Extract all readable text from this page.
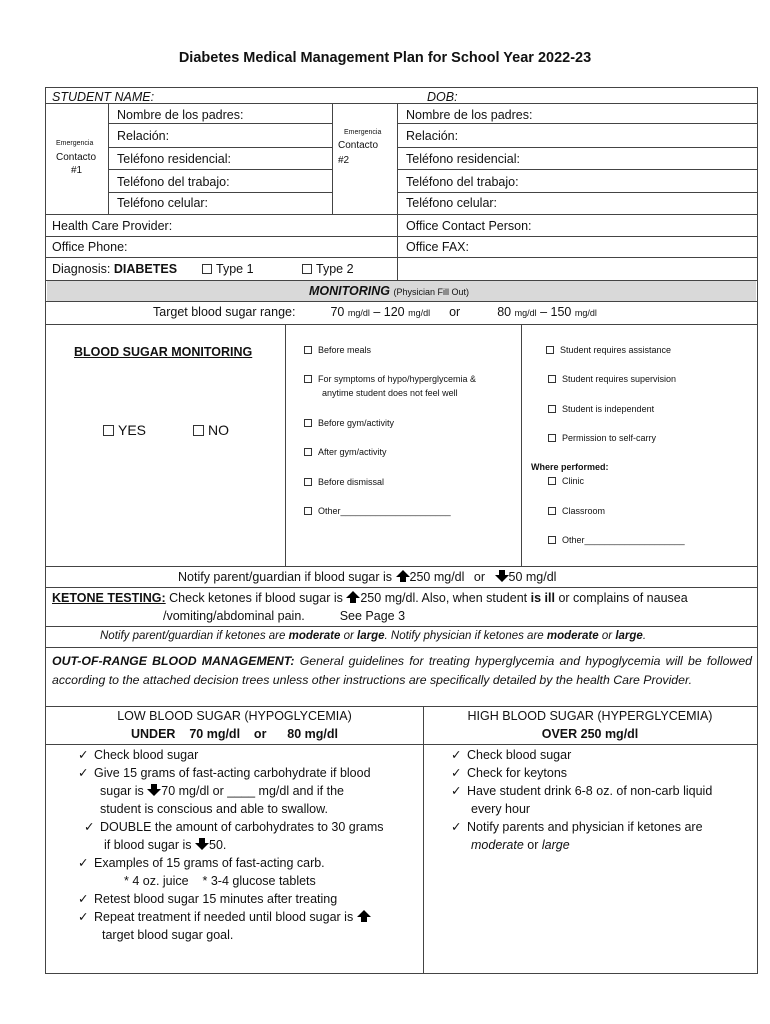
Diabetes Medical Management Plan for School Year 2022-23
STUDENT NAME:	DOB:
Emergencia
Contacto
#1
Nombre de los padres:
Relación:
Teléfono residencial:
Teléfono del trabajo:
Teléfono celular:
Emergencia
Contacto
#2
Nombre de los padres:
Relación:
Teléfono residencial:
Teléfono del trabajo:
Teléfono celular:
Health Care Provider:	Office Contact Person:
Office Phone:	Office FAX:
Diagnosis: DIABETES	Type 1	Type 2
MONITORING (Physician Fill Out)
Target blood sugar range:	70 mg/dl – 120 mg/dl or	80 mg/dl – 150 mg/dl
BLOOD SUGAR MONITORING
YES	NO
Before meals
For symptoms of hypo/hyperglycemia &
anytime student does not feel well
Before gym/activity
After gym/activity
Before dismissal
Other______________________
Student requires assistance
Student requires supervision
Student is independent
Permission to self-carry
Where performed:
Clinic
Classroom
Other____________________
Notify parent/guardian if blood sugar is 250 mg/dl or 50 mg/dl
KETONE TESTING: Check ketones if blood sugar is 250 mg/dl. Also, when student is ill or complains of nausea
/vomiting/abdominal pain.	See Page 3
Notify parent/guardian if ketones are moderate or large. Notify physician if ketones are moderate or large.
OUT-OF-RANGE BLOOD MANAGEMENT: General guidelines for treating hyperglycemia and hypoglycemia will be followed according to the attached decision trees unless other instructions are specifically detailed by the health Care Provider.
LOW BLOOD SUGAR (HYPOGLYCEMIA)
UNDER    70 mg/dl    or      80 mg/dl
HIGH BLOOD SUGAR (HYPERGLYCEMIA)
OVER 250 mg/dl
✓ Check blood sugar
✓ Give 15 grams of fast-acting carbohydrate if blood
sugar is 70 mg/dl or ____ mg/dl and if the
student is conscious and able to swallow.
✓ DOUBLE the amount of carbohydrates to 30 grams
if blood sugar is 50.
✓ Examples of 15 grams of fast-acting carb.
* 4 oz. juice    * 3-4 glucose tablets
✓ Retest blood sugar 15 minutes after treating
✓ Repeat treatment if needed until blood sugar is
target blood sugar goal.
✓ Check blood sugar
✓ Check for keytons
✓ Have student drink 6-8 oz. of non-carb liquid
every hour
✓ Notify parents and physician if ketones are
moderate or large
